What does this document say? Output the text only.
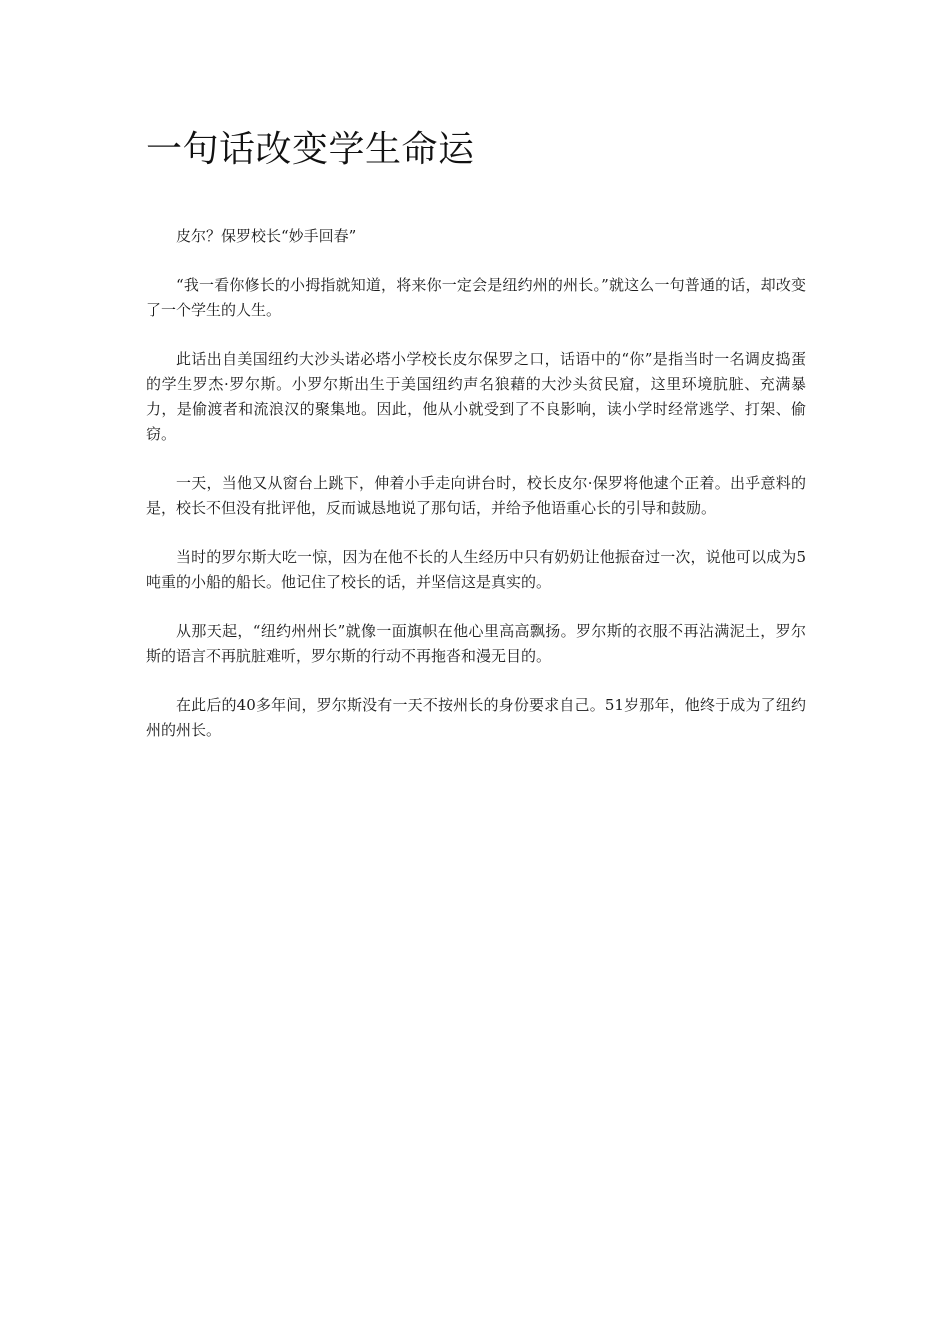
一句话改变学生命运

皮尔？保罗校长“妙手回春”

“我一看你修长的小拇指就知道，将来你一定会是纽约州的州长。”就这么一句普通的话，却改变了一个学生的人生。

此话出自美国纽约大沙头诺必塔小学校长皮尔保罗之口，话语中的“你”是指当时一名调皮捣蛋的学生罗杰·罗尔斯。小罗尔斯出生于美国纽约声名狼藉的大沙头贫民窟，这里环境肮脏、充满暴力，是偷渡者和流浪汉的聚集地。因此，他从小就受到了不良影响，读小学时经常逃学、打架、偷窃。

一天，当他又从窗台上跳下，伸着小手走向讲台时，校长皮尔·保罗将他逮个正着。出乎意料的是，校长不但没有批评他，反而诚恳地说了那句话，并给予他语重心长的引导和鼓励。

当时的罗尔斯大吃一惊，因为在他不长的人生经历中只有奶奶让他振奋过一次，说他可以成为5吨重的小船的船长。他记住了校长的话，并坚信这是真实的。

从那天起，“纽约州州长”就像一面旗帜在他心里高高飘扬。罗尔斯的衣服不再沾满泥土，罗尔斯的语言不再肮脏难听，罗尔斯的行动不再拖沓和漫无目的。

在此后的40多年间，罗尔斯没有一天不按州长的身份要求自己。51岁那年，他终于成为了纽约州的州长。
